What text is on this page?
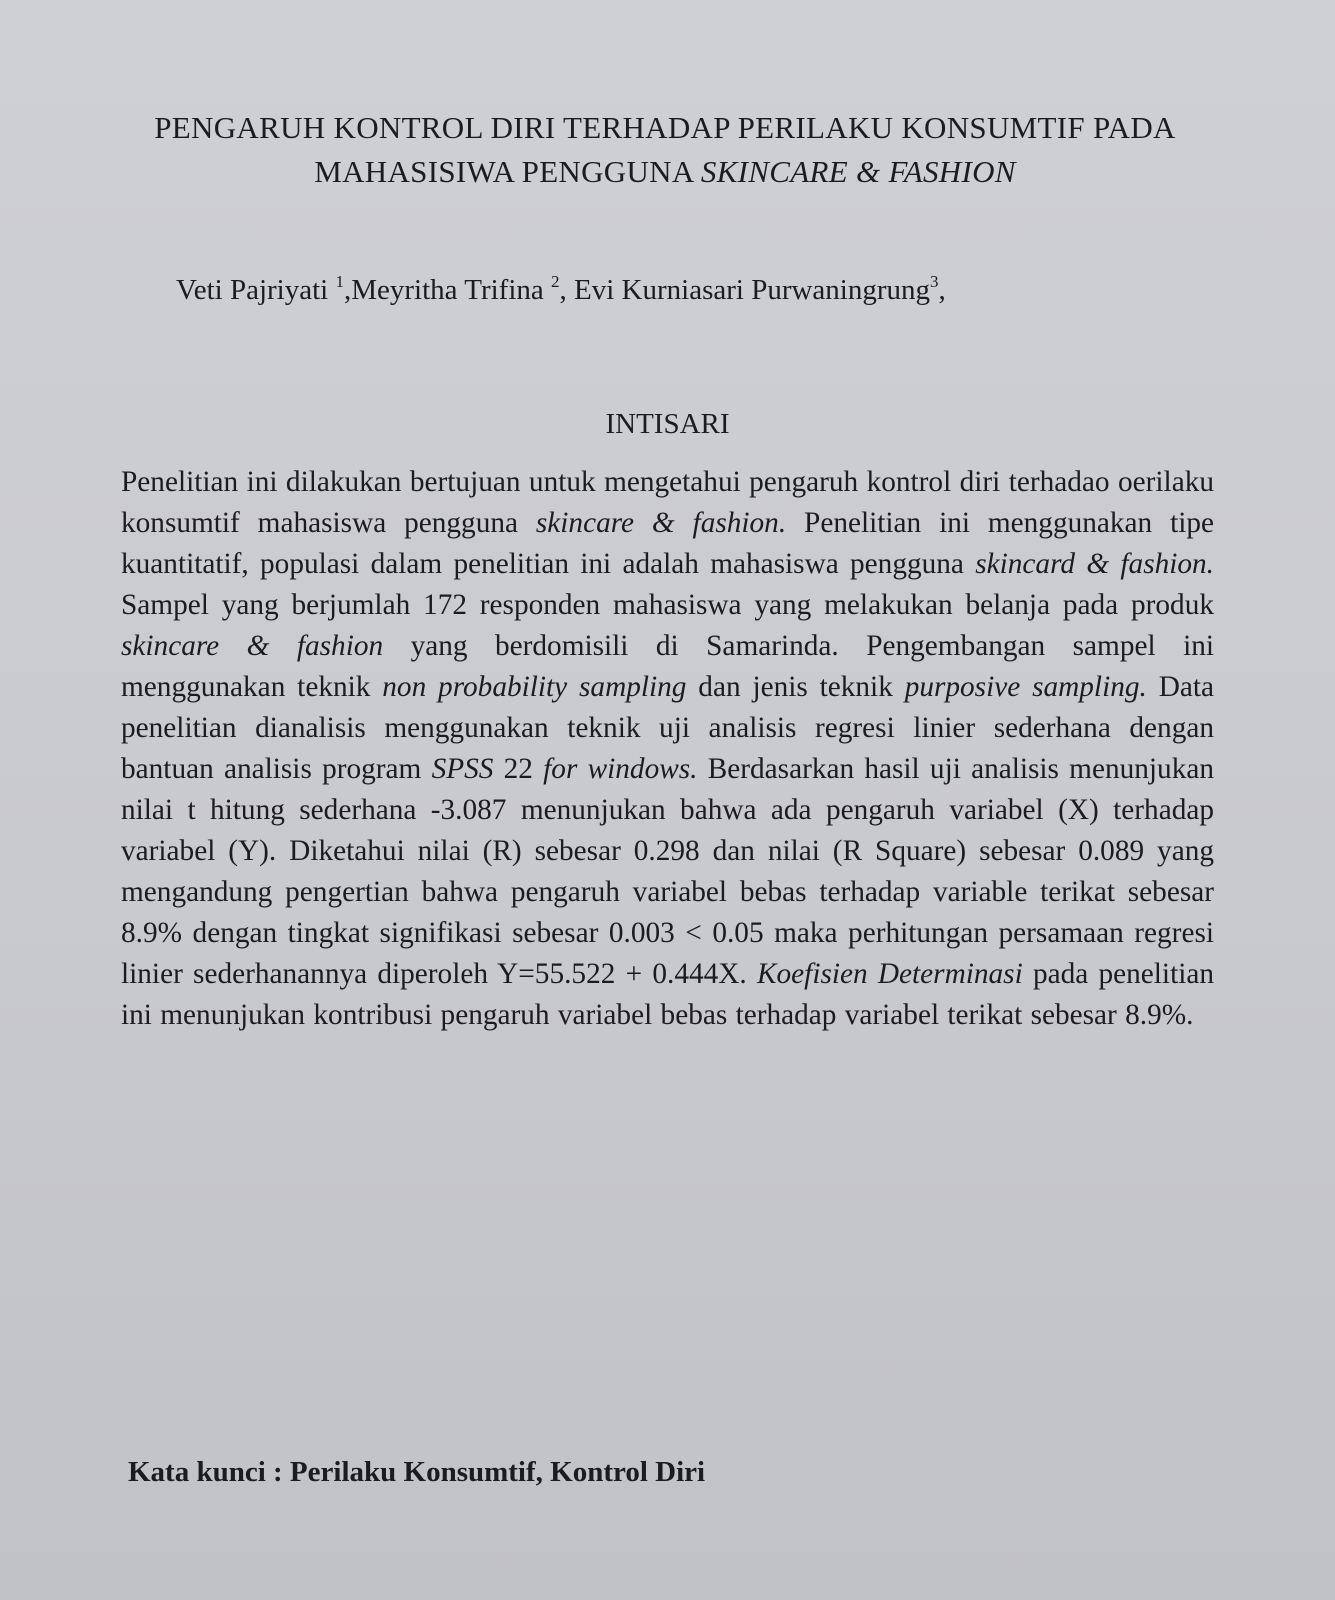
PENGARUH KONTROL DIRI TERHADAP PERILAKU KONSUMTIF PADA
MAHASISIWA PENGGUNA SKINCARE & FASHION
Veti Pajriyati $^1$,Meyritha Trifina $^2$, Evi Kurniasari Purwaningrung$^3$,
INTISARI
Penelitian ini dilakukan bertujuan untuk mengetahui pengaruh kontrol diri terhadao oerilaku konsumtif mahasiswa pengguna skincare & fashion. Penelitian ini menggunakan tipe kuantitatif, populasi dalam penelitian ini adalah mahasiswa pengguna skincard & fashion. Sampel yang berjumlah 172 responden mahasiswa yang melakukan belanja pada produk skincare & fashion yang berdomisili di Samarinda. Pengembangan sampel ini menggunakan teknik non probability sampling dan jenis teknik purposive sampling. Data penelitian dianalisis menggunakan teknik uji analisis regresi linier sederhana dengan bantuan analisis program SPSS 22 for windows. Berdasarkan hasil uji analisis menunjukan nilai t hitung sederhana -3.087 menunjukan bahwa ada pengaruh variabel (X) terhadap variabel (Y). Diketahui nilai (R) sebesar 0.298 dan nilai (R Square) sebesar 0.089 yang mengandung pengertian bahwa pengaruh variabel bebas terhadap variable terikat sebesar 8.9% dengan tingkat signifikasi sebesar 0.003 < 0.05 maka perhitungan persamaan regresi linier sederhanannya diperoleh Y=55.522 + 0.444X. Koefisien Determinasi pada penelitian ini menunjukan kontribusi pengaruh variabel bebas terhadap variabel terikat sebesar 8.9%.
Kata kunci : Perilaku Konsumtif, Kontrol Diri
